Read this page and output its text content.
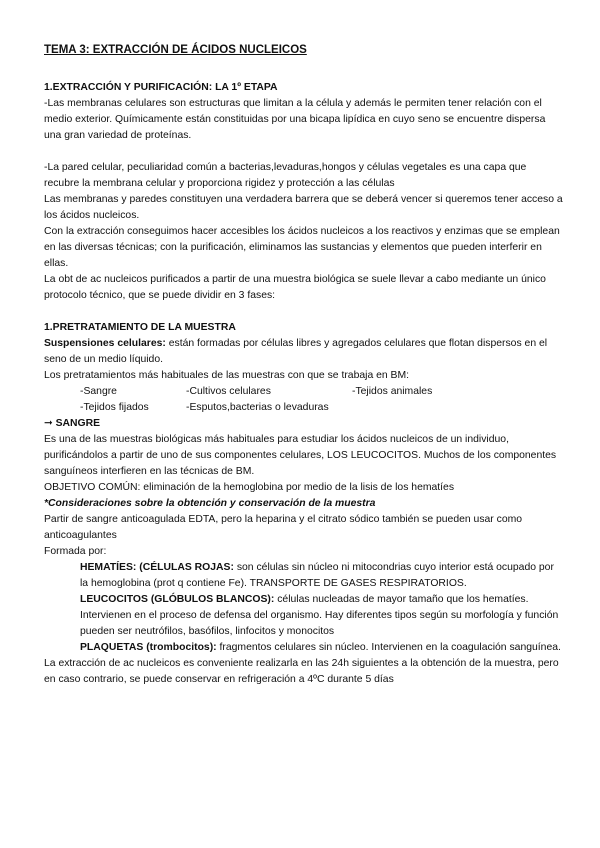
TEMA 3: EXTRACCIÓN DE ÁCIDOS NUCLEICOS

1.EXTRACCIÓN Y PURIFICACIÓN: LA 1º ETAPA

-Las membranas celulares son estructuras que limitan a la célula y además le permiten tener relación con el medio exterior. Químicamente están constituidas por una bicapa lipídica en cuyo seno se encuentre dispersa una gran variedad de proteínas.

-La pared celular, peculiaridad común a bacterias,levaduras,hongos y células vegetales es una capa que recubre la membrana celular y proporciona rigidez y protección a las células

Las membranas y paredes constituyen una verdadera barrera que se deberá vencer si queremos tener acceso a los ácidos nucleicos.

Con la extracción conseguimos hacer accesibles los ácidos nucleicos a los reactivos y enzimas que se emplean en las diversas técnicas; con la purificación, eliminamos las sustancias y elementos que pueden interferir en ellas.

La obt de ac nucleicos purificados a partir de una muestra biológica se suele llevar a cabo mediante un único protocolo técnico, que se puede dividir en 3 fases:

1.PRETRATAMIENTO DE LA MUESTRA

Suspensiones celulares: están formadas por células libres y agregados celulares que flotan dispersos en el seno de un medio líquido.

Los pretratamientos más habituales de las muestras con que se trabaja en BM:

-Sangre	-Cultivos celulares	-Tejidos animales
-Tejidos fijados	-Esputos,bacterias o levaduras

➞ SANGRE

Es una de las muestras biológicas más habituales para estudiar los ácidos nucleicos de un individuo, purificándolos a partir de uno de sus componentes celulares, LOS LEUCOCITOS. Muchos de los componentes sanguíneos interfieren en las técnicas de BM.

OBJETIVO COMÚN: eliminación de la hemoglobina por medio de la lisis de los hematíes

*Consideraciones sobre la obtención y conservación de la muestra

Partir de sangre anticoagulada EDTA, pero la heparina y el citrato sódico también se pueden usar como anticoagulantes

Formada por:

HEMATÍES: (CÉLULAS ROJAS: son células sin núcleo ni mitocondrias cuyo interior está ocupado por la hemoglobina (prot q contiene Fe). TRANSPORTE DE GASES RESPIRATORIOS.

LEUCOCITOS (GLÓBULOS BLANCOS): células nucleadas de mayor tamaño que los hematíes. Intervienen en el proceso de defensa del organismo. Hay diferentes tipos según su morfología y función pueden ser neutrófilos, basófilos, linfocitos y monocitos

PLAQUETAS (trombocitos): fragmentos celulares sin núcleo. Intervienen en la coagulación sanguínea.

La extracción de ac nucleicos es conveniente realizarla en las 24h siguientes a la obtención de la muestra, pero en caso contrario, se puede conservar en refrigeración a 4ºC durante 5 días
